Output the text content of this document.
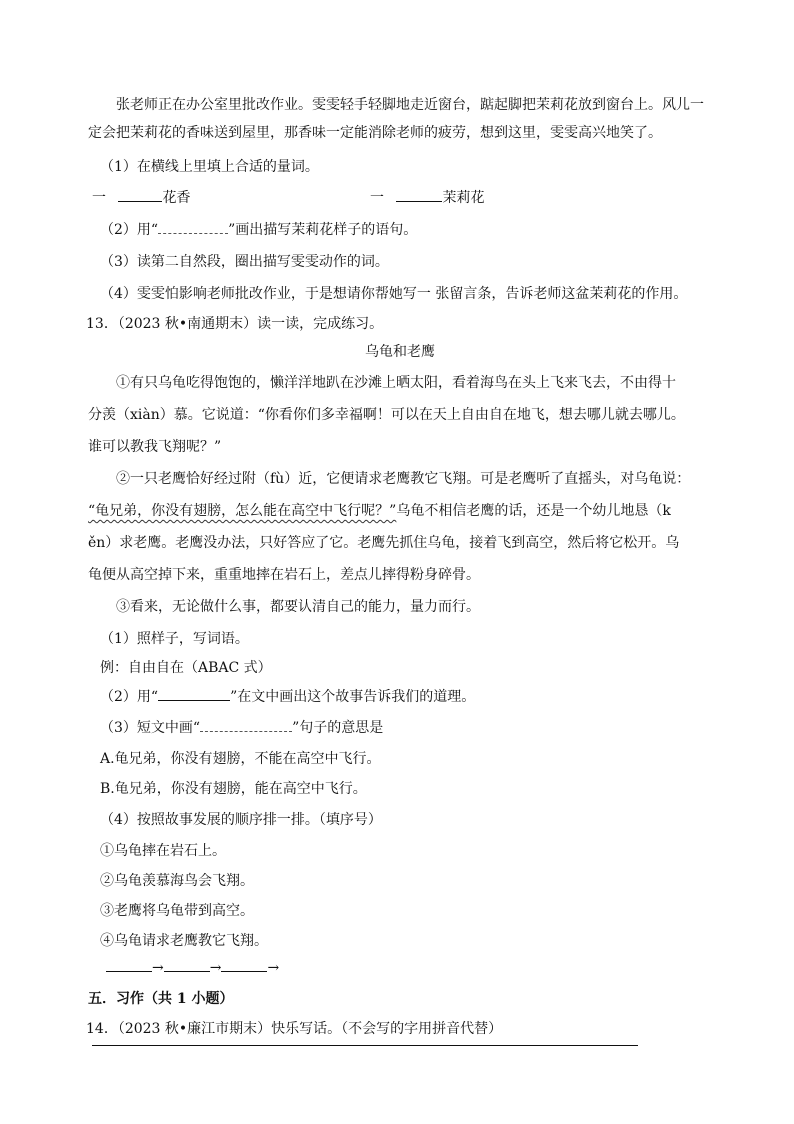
张老师正在办公室里批改作业。雯雯轻手轻脚地走近窗台，踮起脚把茉莉花放到窗台上。风儿一
定会把茉莉花的香味送到屋里，那香味一定能消除老师的疲劳，想到这里，雯雯高兴地笑了。
（1）在横线上里填上合适的量词。
一	花香	一	茉莉花
（2）用“	”画出描写茉莉花样子的语句。
（3）读第二自然段，圈出描写雯雯动作的词。
（4）雯雯怕影响老师批改作业，于是想请你帮她写一 张留言条，告诉老师这盆茉莉花的作用。
13．（2023 秋•南通期末）读一读，完成练习。
乌龟和老鹰
①有只乌龟吃得饱饱的，懒洋洋地趴在沙滩上晒太阳，看着海鸟在头上飞来飞去，不由得十
分羡（xiàn）慕。它说道：“你看你们多幸福啊！可以在天上自由自在地飞，想去哪儿就去哪儿。
谁可以教我飞翔呢？”
②一只老鹰恰好经过附（fù）近，它便请求老鹰教它飞翔。可是老鹰听了直摇头，对乌龟说：
“龟兄弟，你没有翅膀，怎么能在高空中飞行呢？”乌龟不相信老鹰的话，还是一个幼儿地恳（k
ěn）求老鹰。老鹰没办法，只好答应了它。老鹰先抓住乌龟，接着飞到高空，然后将它松开。乌
龟便从高空掉下来，重重地摔在岩石上，差点儿摔得粉身碎骨。
③看来，无论做什么事，都要认清自己的能力，量力而行。
（1）照样子，写词语。
例：自由自在（ABAC 式）
（2）用“	”在文中画出这个故事告诉我们的道理。
（3）短文中画“	”句子的意思是
A.龟兄弟，你没有翅膀，不能在高空中飞行。
B.龟兄弟，你没有翅膀，能在高空中飞行。
（4）按照故事发展的顺序排一排。（填序号）
①乌龟摔在岩石上。
②乌龟羡慕海鸟会飞翔。
③老鹰将乌龟带到高空。
④乌龟请求老鹰教它飞翔。
→	→	→
五．习作（共 1 小题）
14．（2023 秋•廉江市期末）快乐写话。（不会写的字用拼音代替）
